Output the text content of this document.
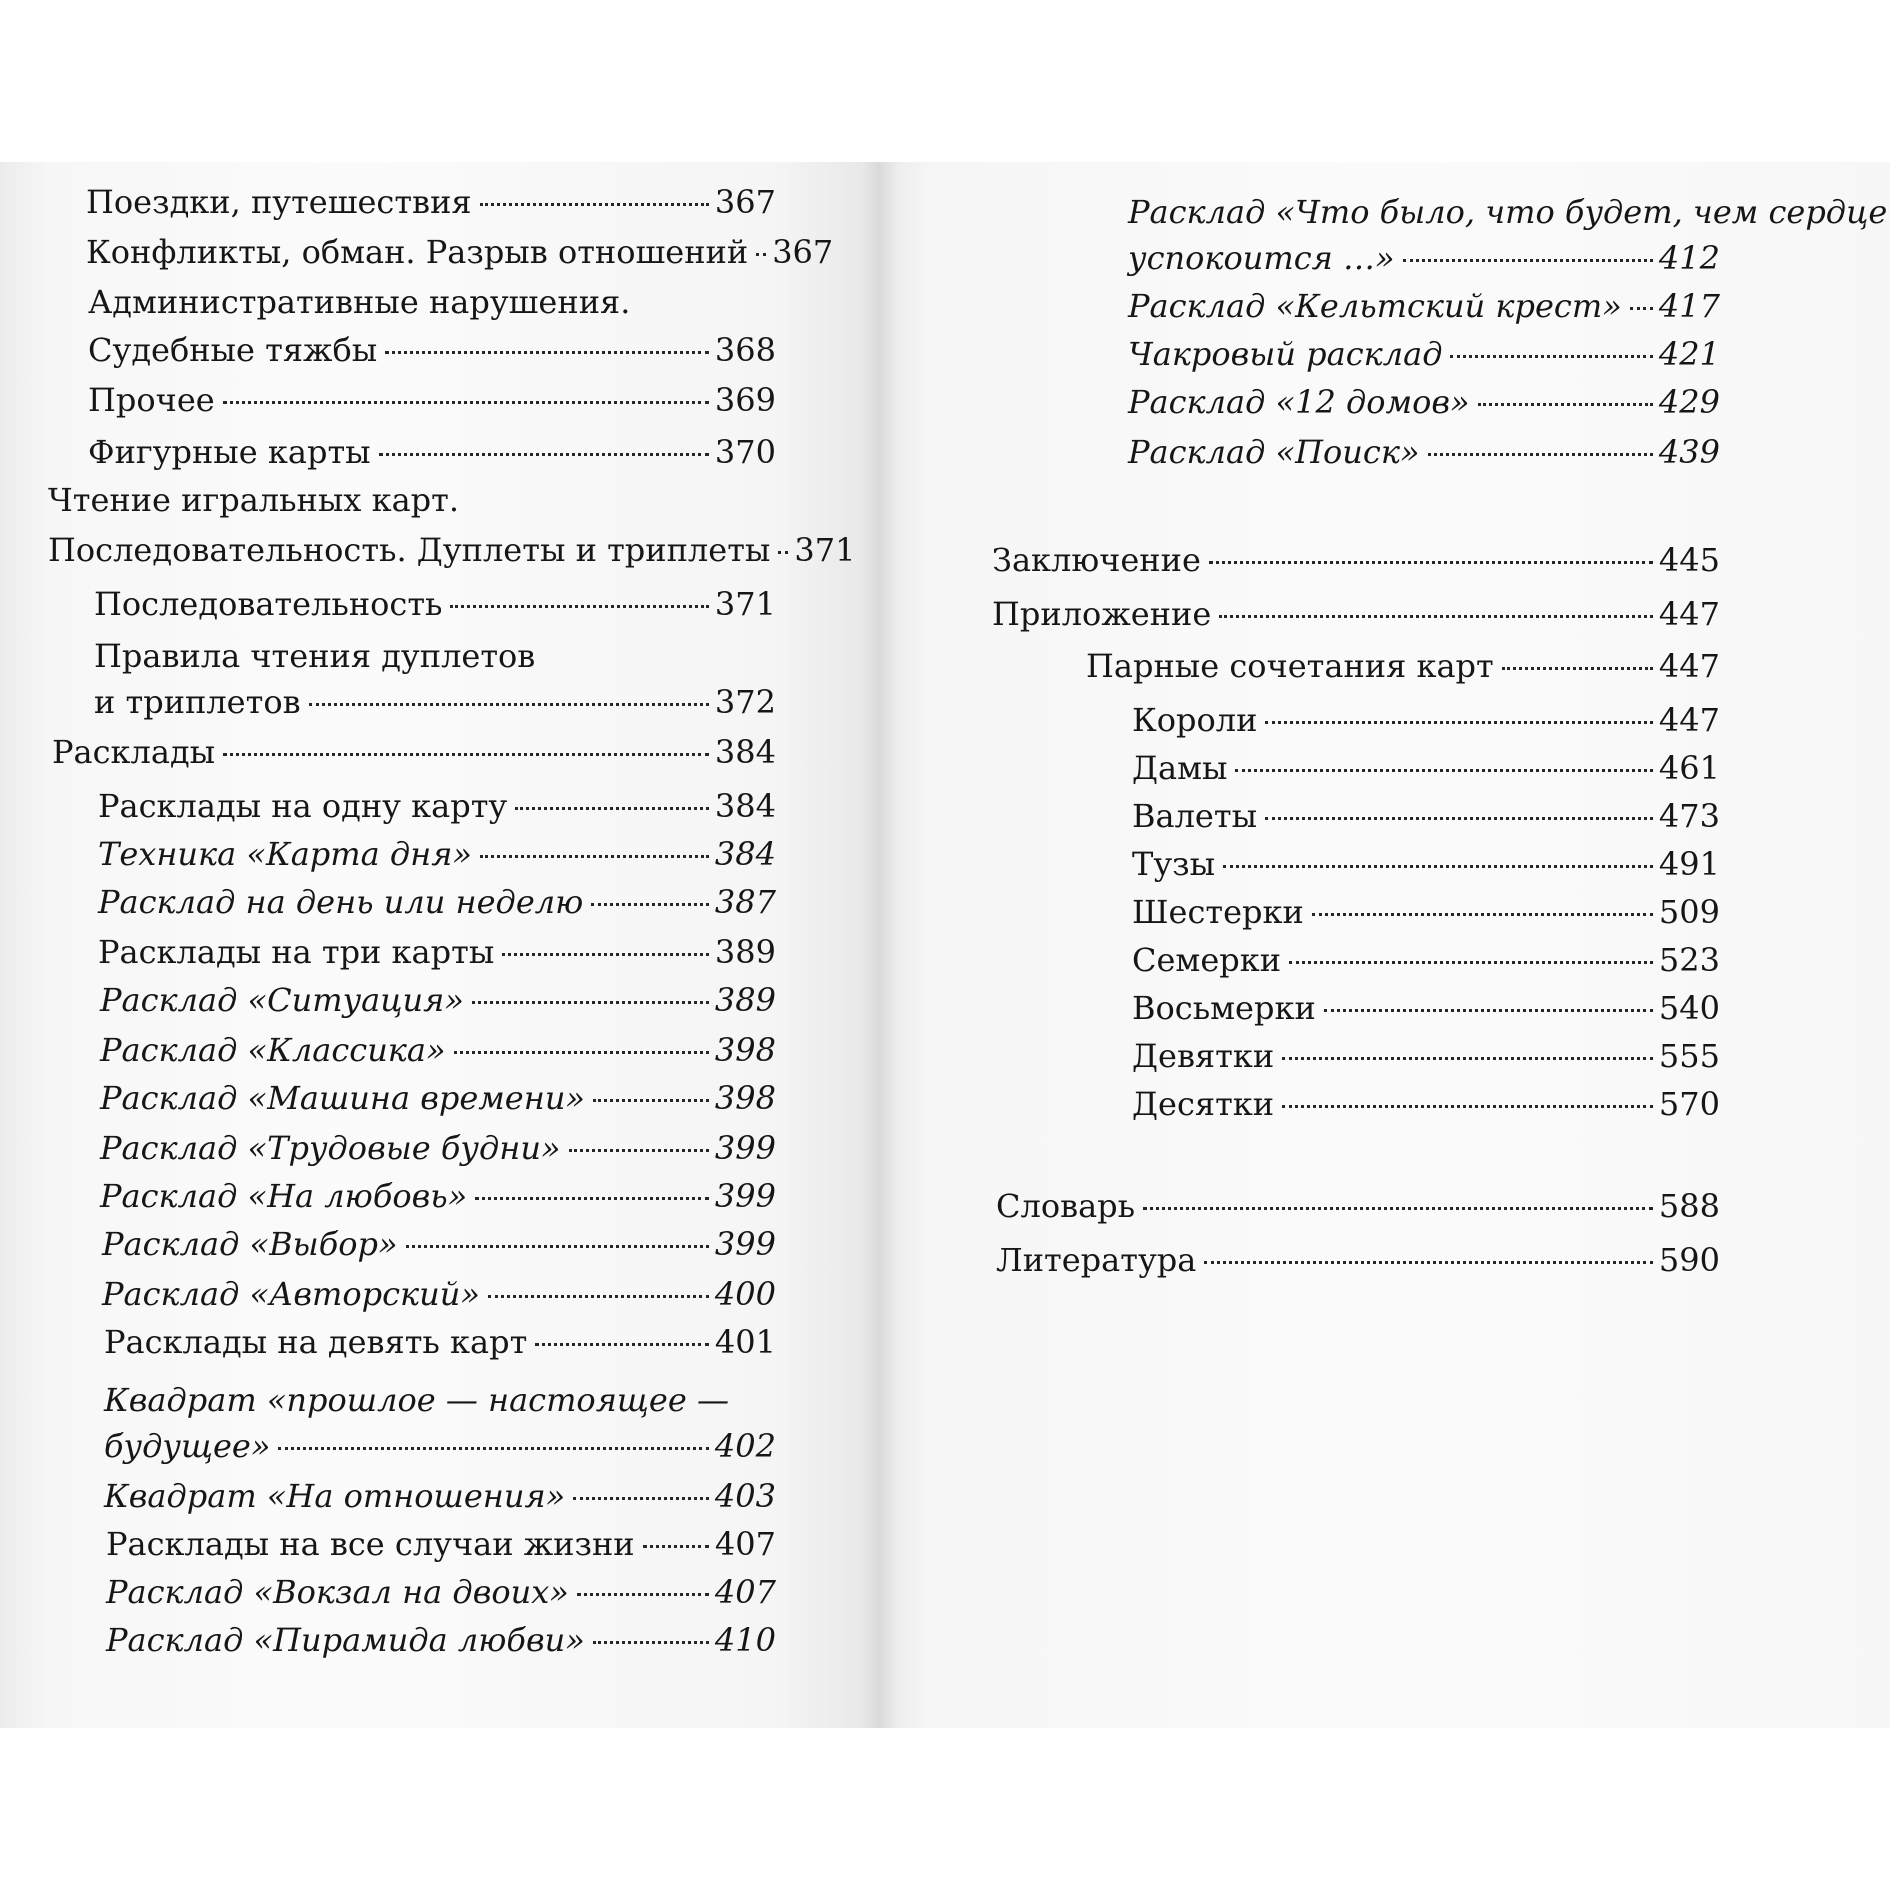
Поездки, путешествия	367
Конфликты, обман. Разрыв отношений 367
Административные нарушения.
Судебные тяжбы	368
Прочее	369
Фигурные карты	370
Чтение игральных карт.
Последовательность. Дуплеты и триплеты 371
Последовательность	371
Правила чтения дуплетов
и триплетов	372
Расклады	384
Расклады на одну карту	384
Техника «Карта дня»	384
Расклад на день или неделю	387
Расклады на три карты	389
Расклад «Ситуация»	389
Расклад «Классика»	398
Расклад «Машина времени»	398
Расклад «Трудовые будни»	399
Расклад «На любовь»	399
Расклад «Выбор»	399
Расклад «Авторский»	400
Расклады на девять карт	401
Квадрат «прошлое — настоящее —
будущее»	402
Квадрат «На отношения»	403
Расклады на все случаи жизни	407
Расклад «Вокзал на двоих»	407
Расклад «Пирамида любви»	410
Расклад «Что было, что будет, чем сердце
успокоится …»	412
Расклад «Кельтский крест» 417
Чакровый расклад	421
Расклад «12 домов»	429
Расклад «Поиск»	439
Заключение	445
Приложение	447
Парные сочетания карт	447
Короли	447
Дамы	461
Валеты	473
Тузы	491
Шестерки	509
Семерки	523
Восьмерки	540
Девятки	555
Десятки	570
Словарь	588
Литература	590
